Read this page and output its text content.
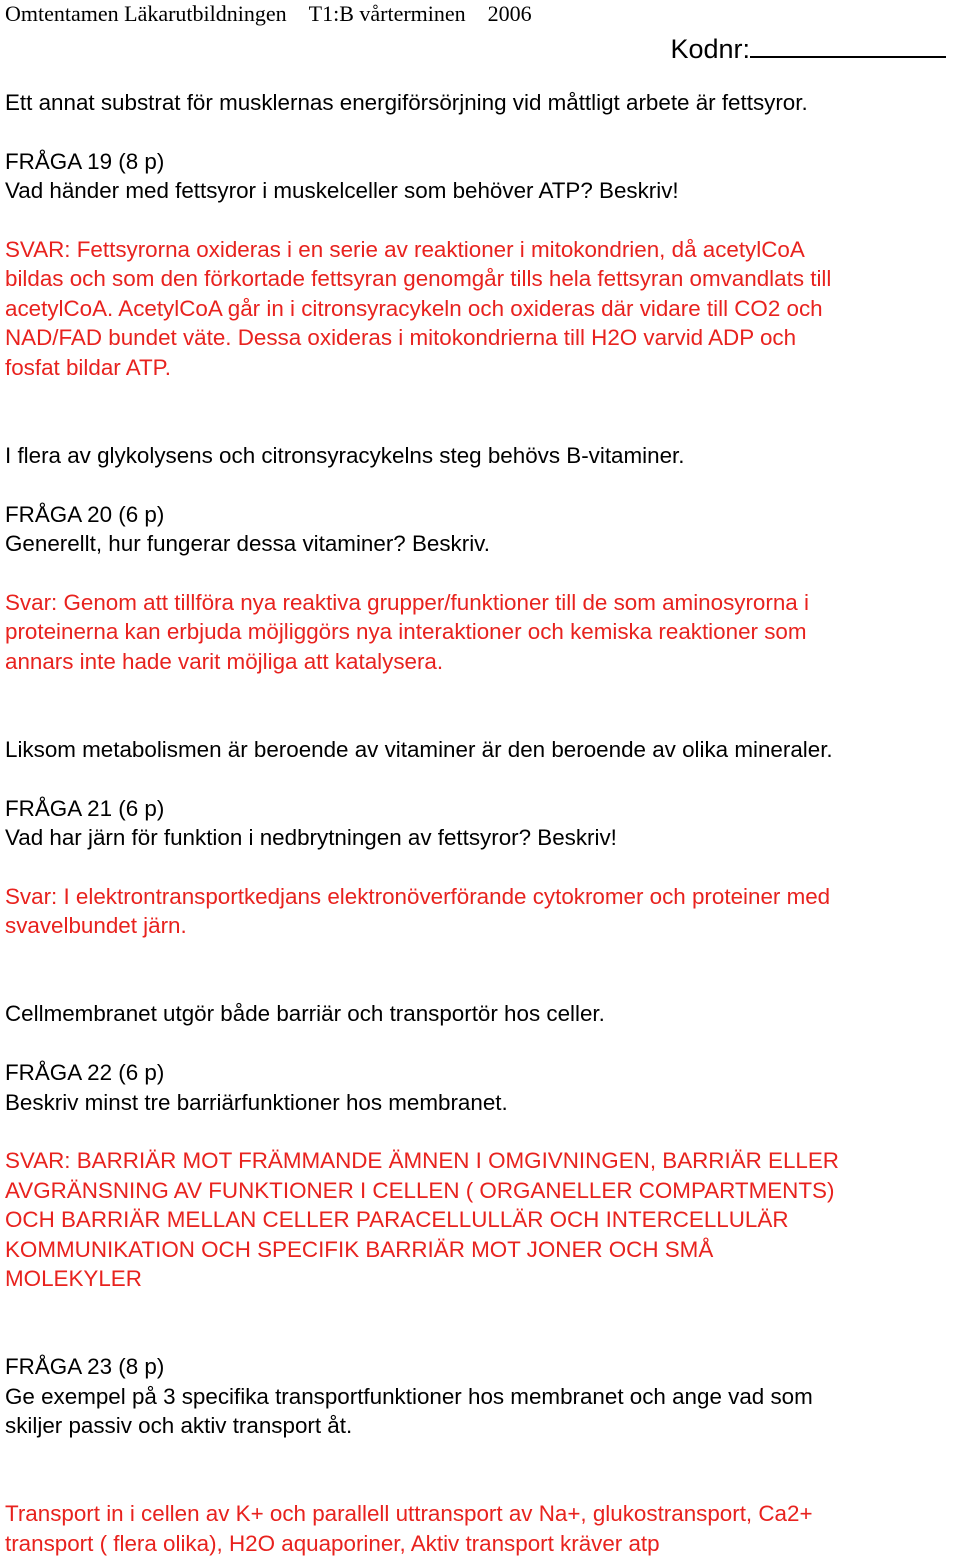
Omtentamen Läkarutbildningen T1:B vårterminen 2006
Kodnr:

Ett annat substrat för musklernas energiförsörjning vid måttligt arbete är fettsyror.

FRÅGA 19 (8 p)

Vad händer med fettsyror i muskelceller som behöver ATP? Beskriv!

SVAR: Fettsyrorna oxideras i en serie av reaktioner i mitokondrien, då acetylCoA

bildas och som den förkortade fettsyran genomgår tills hela fettsyran omvandlats till

acetylCoA. AcetylCoA går in i citronsyracykeln och oxideras där vidare till CO2 och

NAD/FAD bundet väte. Dessa oxideras i mitokondrierna till H2O varvid ADP och

fosfat bildar ATP.

I flera av glykolysens och citronsyracykelns steg behövs B-vitaminer.

FRÅGA 20 (6 p)

Generellt, hur fungerar dessa vitaminer? Beskriv.

Svar: Genom att tillföra nya reaktiva grupper/funktioner till de som aminosyrorna i

proteinerna kan erbjuda möjliggörs nya interaktioner och kemiska reaktioner som

annars inte hade varit möjliga att katalysera.

Liksom metabolismen är beroende av vitaminer är den beroende av olika mineraler.

FRÅGA 21 (6 p)

Vad har järn för funktion i nedbrytningen av fettsyror? Beskriv!

Svar: I elektrontransportkedjans elektronöverförande cytokromer och proteiner med

svavelbundet järn.

Cellmembranet utgör både barriär och transportör hos celler.

FRÅGA 22 (6 p)

Beskriv minst tre barriärfunktioner hos membranet.

SVAR: BARRIÄR MOT FRÄMMANDE ÄMNEN I OMGIVNINGEN, BARRIÄR ELLER

AVGRÄNSNING AV FUNKTIONER I CELLEN ( ORGANELLER COMPARTMENTS)

OCH BARRIÄR MELLAN CELLER PARACELLULLÄR OCH INTERCELLULÄR

KOMMUNIKATION OCH SPECIFIK BARRIÄR MOT JONER OCH SMÅ

MOLEKYLER

FRÅGA 23 (8 p)

Ge exempel på 3 specifika transportfunktioner hos membranet och ange vad som

skiljer passiv och aktiv transport åt.

Transport in i cellen av K+ och parallell uttransport av Na+, glukostransport, Ca2+

transport ( flera olika), H2O aquaporiner, Aktiv transport kräver atp
